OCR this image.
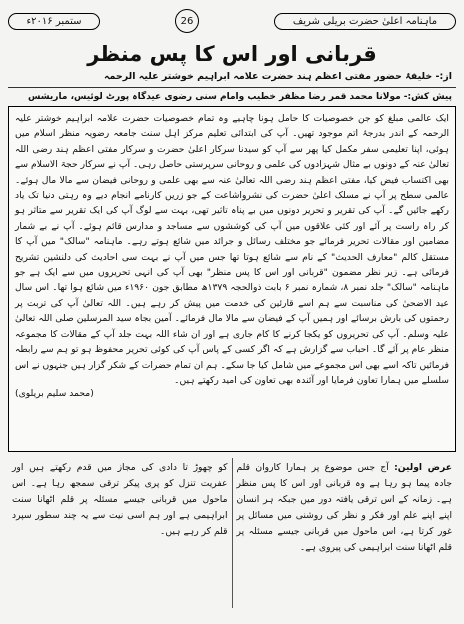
ستمبر ۲۰۱۶ء	26	ماہنامہ اعلیٰ حضرت بریلی شریف
قربانی اور اس کا پس منظر
از:- خلیفۂ حضور مفتی اعظم ہند حضرت علامہ ابراہیم خوشتر علیہ الرحمہ
پیش کش:- مولانا محمد قمر رضا مظفر خطیب وامام سنی رضوی عیدگاہ پورٹ لوئیس، ماریشس

ایک عالمی مبلغ کو جن خصوصیات کا حامل ہونا چاہیے وہ تمام خصوصیات حضرت علامہ ابراہیم خوشتر علیہ الرحمہ کے اندر بدرجۂ اتم موجود تھیں۔ آپ کی ابتدائی تعلیم مرکز اہل سنت جامعہ رضویہ منظر اسلام میں ہوئی، اپنا تعلیمی سفر مکمل کیا پھر سے آپ کو سیدنا سرکار اعلیٰ حضرت و سرکار مفتی اعظم ہند رضی اللہ تعالیٰ عنہ کے دونوں بے مثال شہزادوں کی علمی و روحانی سرپرستی حاصل رہی۔ آپ نے سرکار حجۃ الاسلام سے بھی اکتساب فیض کیا، مفتی اعظم ہند رضی اللہ تعالیٰ عنہ سے بھی علمی و روحانی فیضان سے مالا مال ہوئے۔ عالمی سطح پر آپ نے مسلک اعلیٰ حضرت کی نشرواشاعت کے جو زریں کارنامے انجام دیے وہ رہتی دنیا تک یاد رکھے جائیں گے۔ آپ کی تقریر و تحریر دونوں میں بے پناہ تاثیر تھی، بہت سے لوگ آپ کی ایک تقریر سے متاثر ہو کر راہ راست پر آئے اور کئی علاقوں میں آپ کی کوششوں سے مساجد و مدارس قائم ہوئے۔ آپ نے بے شمار مضامین اور مقالات تحریر فرمائے جو مختلف رسائل و جرائد میں شائع ہوتے رہے۔ ماہنامہ "سالک" میں آپ کا مستقل کالم "معارف الحدیث" کے نام سے شائع ہوتا تھا جس میں آپ نے بہت سی احادیث کی دلنشین تشریح فرمائی ہے۔ زیر نظر مضمون "قربانی اور اس کا پس منظر" بھی آپ کی انہی تحریروں میں سے ایک ہے جو ماہنامہ "سالک" جلد نمبر ۸، شمارہ نمبر ۶ بابت ذوالحجہ ۱۳۷۹ھ مطابق جون ۱۹۶۰ء میں شائع ہوا تھا۔ اس سال عید الاضحیٰ کی مناسبت سے ہم اسے قارئین کی خدمت میں پیش کر رہے ہیں۔ اللہ تعالیٰ آپ کی تربت پر رحمتوں کی بارش برسائے اور ہمیں آپ کے فیضان سے مالا مال فرمائے۔ آمین بجاہ سید المرسلین صلی اللہ تعالیٰ علیہ وسلم۔ آپ کی تحریروں کو یکجا کرنے کا کام جاری ہے اور ان شاء اللہ بہت جلد آپ کے مقالات کا مجموعہ منظر عام پر آئے گا۔ احباب سے گزارش ہے کہ اگر کسی کے پاس آپ کی کوئی تحریر محفوظ ہو تو ہم سے رابطہ فرمائیں تاکہ اسے بھی اس مجموعے میں شامل کیا جا سکے۔ ہم ان تمام حضرات کے شکر گزار ہیں جنہوں نے اس سلسلے میں ہمارا تعاون فرمایا اور آئندہ بھی تعاون کی امید رکھتے ہیں۔

(محمد سلیم بریلوی)

عرض اولین: آج جس موضوع پر ہمارا کاروان قلم جادہ پیما ہو رہا ہے وہ قربانی اور اس کا پس منظر ہے۔ زمانہ کے اس ترقی یافتہ دور میں جبکہ ہر انسان اپنے اپنے علم اور فکر و نظر کی روشنی میں مسائل پر غور کرتا ہے، اس ماحول میں قربانی جیسے مسئلہ پر قلم اٹھانا سنت ابراہیمی کی پیروی ہے۔
کو چھوڑ تا دادی کی مجاز میں قدم رکھتے ہیں اور عفریت تنزل کو پری پیکر ترقی سمجھ رہا ہے۔ اس ماحول میں قربانی جیسے مسئلہ پر قلم اٹھانا سنت ابراہیمی ہے اور ہم اسی نیت سے یہ چند سطور سپرد قلم کر رہے ہیں۔
